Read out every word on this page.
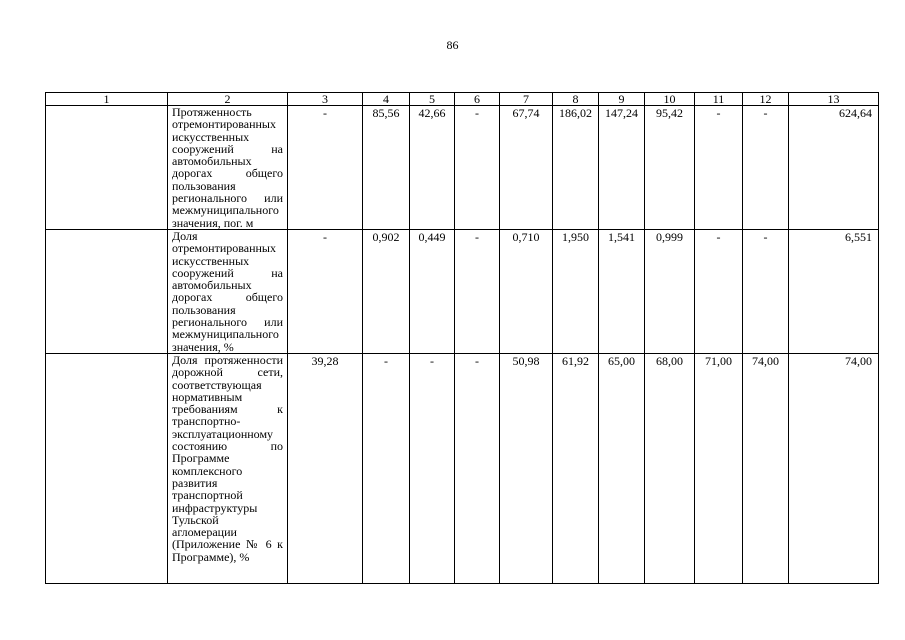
86
1	2	3	4	5	6	7	8	9	10	11	12	13
	Протяженность отремонтированных искусственных сооружений на автомобильных дорогах общего пользования регионального или межмуниципального значения, пог. м	-	85,56	42,66	-	67,74	186,02	147,24	95,42	-	-	624,64
	Доля отремонтированных искусственных сооружений на автомобильных дорогах общего пользования регионального или межмуниципального значения, %	-	0,902	0,449	-	0,710	1,950	1,541	0,999	-	-	6,551
	Доля протяженности дорожной сети, соответствующая нормативным требованиям к транспортно-эксплуатационному состоянию по Программе комплексного развития транспортной инфраструктуры Тульской агломерации (Приложение № 6 к Программе), %	39,28	-	-	-	50,98	61,92	65,00	68,00	71,00	74,00	74,00
